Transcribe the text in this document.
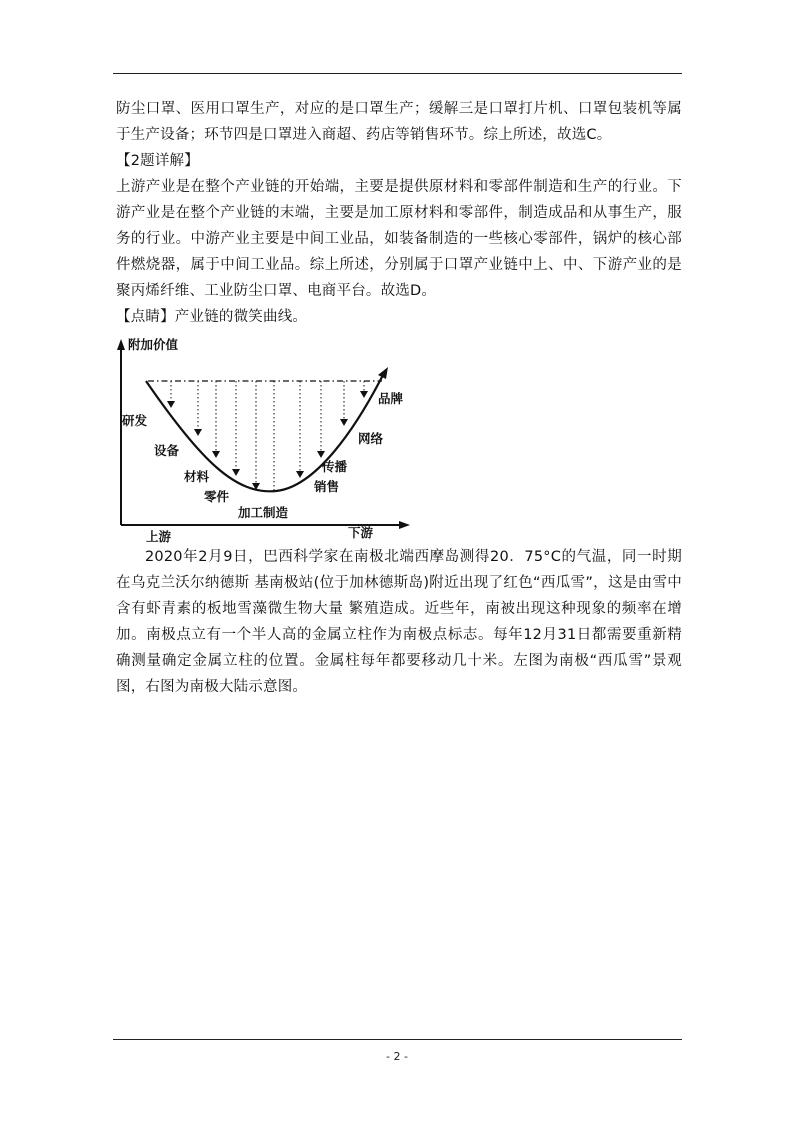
防尘口罩、医用口罩生产，对应的是口罩生产；缓解三是口罩打片机、口罩包装机等属于生产设备；环节四是口罩进入商超、药店等销售环节。综上所述，故选C。

【2题详解】

上游产业是在整个产业链的开始端，主要是提供原材料和零部件制造和生产的行业。下游产业是在整个产业链的末端，主要是加工原材料和零部件，制造成品和从事生产，服务的行业。中游产业主要是中间工业品，如装备制造的一些核心零部件，锅炉的核心部件燃烧器，属于中间工业品。综上所述，分别属于口罩产业链中上、中、下游产业的是聚丙烯纤维、工业防尘口罩、电商平台。故选D。

【点睛】产业链的微笑曲线。

附加价值
研发
设备
材料
零件
加工制造
销售
传播
网络
品牌
上游	下游

2020年2月9日，巴西科学家在南极北端西摩岛测得20．75°C的气温，同一时期在乌克兰沃尔纳德斯 基南极站(位于加林德斯岛)附近出现了红色“西瓜雪”，这是由雪中含有虾青素的板地雪藻微生物大量 繁殖造成。近些年，南被出现这种现象的频率在增加。南极点立有一个半人高的金属立柱作为南极点标志。每年12月31日都需要重新精确测量确定金属立柱的位置。金属柱每年都要移动几十米。左图为南极“西瓜雪”景观图，右图为南极大陆示意图。

- 2 -
